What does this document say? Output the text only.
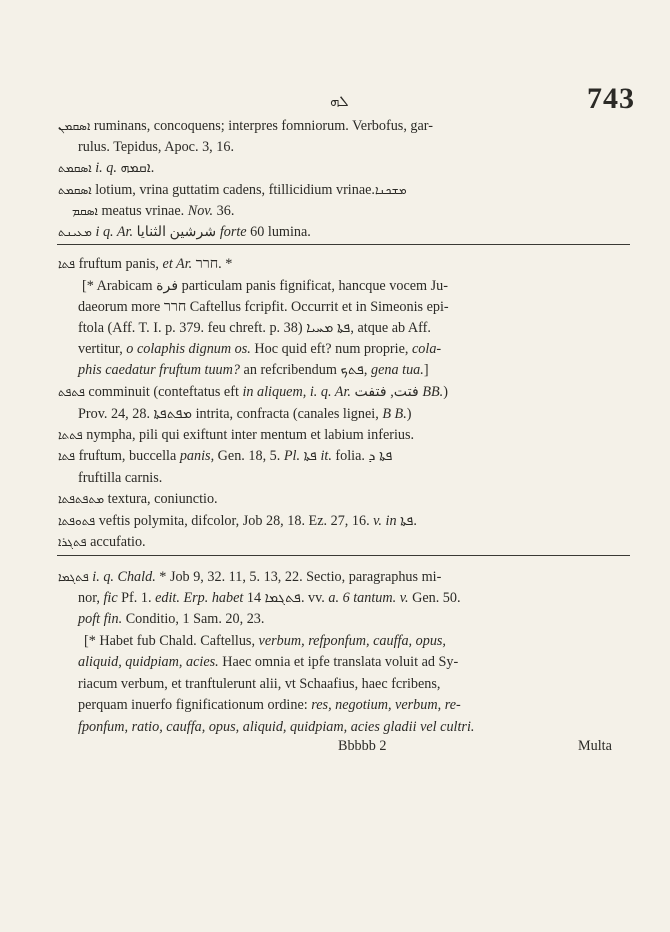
ܠܗ	743
ܐܣܩܡܢ ruminans, concoquens; interpres fomniorum. Verbofus, gar-
rulus. Tepidus, Apoc. 3, 16.
ܐܣܩܡܬ i. q. ܐܩܡܗ.
ܐܣܩܡܬ lotium, vrina guttatim cadens, ftillicidium vrinae.ܡܫܟܢܐ
ܐܣܩܡ meatus vrinae. Nov. 36.
ܡܥܝܢܬ i q. Ar. شرشين الثنايا forte 60 lumina.
ܦܬܐ fruftum panis, et Ar. חרר. *
[* Arabicam فرة particulam panis fignificat, hancque vocem Ju-
daeorum more חרר Caftellus fcripfit. Occurrit et in Simeonis epi-
ftola (Aff. T. I. p. 379. feu chreft. p. 38) ܦܬܐ ܡܚܝܐ, atque ab Aff.
vertitur, o colaphis dignum os. Hoc quid eft? num proprie, cola-
phis caedatur fruftum tuum? an refcribendum ܦܬܟ, gena tua.]
ܦܬܦܬ comminuit (conteftatus eft in aliquem, i. q. Ar. فتت, فتفت BB.)
Prov. 24, 28. ܡܦܬܦܬܐ intrita, confracta (canales lignei, B B.)
ܦܬܬܐ nympha, pili qui exiftunt inter mentum et labium inferius.
ܦܬܐ fruftum, buccella panis, Gen. 18, 5. Pl. ܦܬܐ it. folia. ܦܬܐ ܕ
fruftilla carnis.
ܡܬܦܬܦܬܐ textura, coniunctio.
ܦܬܘܦܬܐ veftis polymita, difcolor, Job 28, 18. Ez. 27, 16. v. in ܦܬܐ.
ܦܬܓܪܐ accufatio.
ܦܬܓܡܐ i. q. Chald. * Job 9, 32. 11, 5. 13, 22. Sectio, paragraphus mi-
nor, fic Pf. 1. edit. Erp. habet ܦܬܓܡܐ 14. vv. a. 6 tantum. v. Gen. 50.
poft fin. Conditio, 1 Sam. 20, 23.
[* Habet fub Chald. Caftellus, verbum, refponfum, cauffa, opus,
aliquid, quidpiam, acies. Haec omnia et ipfe translata voluit ad Sy-
riacum verbum, et tranftulerunt alii, vt Schaafius, haec fcribens,
perquam inuerfo fignificationum ordine: res, negotium, verbum, re-
fponfum, ratio, cauffa, opus, aliquid, quidpiam, acies gladii vel cultri.
Bbbbb 2	Multa
